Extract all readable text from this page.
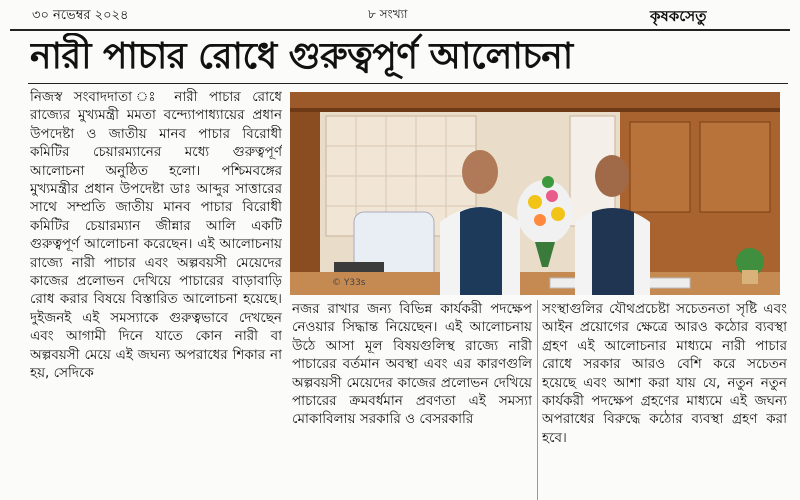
৩০ নভেম্বর ২০২৪	৮ সংখ্যা	কৃষকসেতু
নারী পাচার রোধে গুরুত্বপূর্ণ আলোচনা
নিজস্ব সংবাদদাতা ঃ নারী পাচার রোধে রাজ্যের মুখ্যমন্ত্রী মমতা বন্দ্যোপাধ্যায়ের প্রধান উপদেষ্টা ও জাতীয় মানব পাচার বিরোধী কমিটির চেয়ারম্যানের মধ্যে গুরুত্বপূর্ণ আলোচনা অনুষ্ঠিত হলো। পশ্চিমবঙ্গের মুখ্যমন্ত্রীর প্রধান উপদেষ্টা ডাঃ আব্দুর সাত্তারের সাথে সম্প্রতি জাতীয় মানব পাচার বিরোধী কমিটির চেয়ারম্যান জীন্নার আলি একটি গুরুত্বপূর্ণ আলোচনা করেছেন। এই আলোচনায় রাজ্যে নারী পাচার এবং অল্পবয়সী মেয়েদের কাজের প্রলোভন দেখিয়ে পাচারের বাড়াবাড়ি রোধ করার বিষয়ে বিস্তারিত আলোচনা হয়েছে। দুইজনই এই সমস্যাকে গুরুত্বভাবে দেখছেন এবং আগামী দিনে যাতে কোন নারী বা অল্পবয়সী মেয়ে এই জঘন্য অপরাধের শিকার না হয়, সেদিকে
© Y33s
নজর রাখার জন্য বিভিন্ন কার্যকরী পদক্ষেপ নেওয়ার সিদ্ধান্ত নিয়েছেন। এই আলোচনায় উঠে আসা মূল বিষয়গুলিস্থ রাজ্যে নারী পাচারের বর্তমান অবস্থা এবং এর কারণগুলি অল্পবয়সী মেয়েদের কাজের প্রলোভন দেখিয়ে পাচারের ক্রমবর্ধমান প্রবণতা এই সমস্যা মোকাবিলায় সরকারি ও বেসরকারি
সংস্থাগুলির যৌথপ্রচেষ্টা সচেতনতা সৃষ্টি এবং আইন প্রয়োগের ক্ষেত্রে আরও কঠোর ব্যবস্থা গ্রহণ এই আলোচনার মাধ্যমে নারী পাচার রোধে সরকার আরও বেশি করে সচেতন হয়েছে এবং আশা করা যায় যে, নতুন নতুন কার্যকরী পদক্ষেপ গ্রহণের মাধ্যমে এই জঘন্য অপরাধের বিরুদ্ধে কঠোর ব্যবস্থা গ্রহণ করা হবে।
